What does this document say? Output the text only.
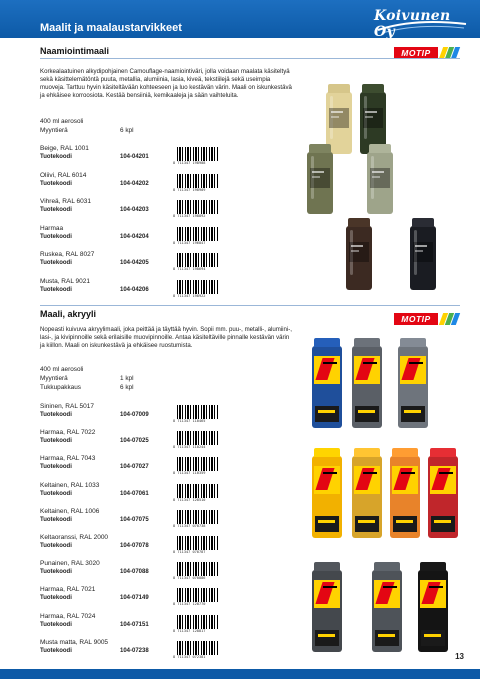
Maalit ja maalaustarvikkeet
Koivunen Oy
Naamiointimaali	MOTIP
Korkealaatuinen alkydipohjainen Camouflage-naamiointiväri, jolla voidaan maalata käsiteltyä sekä käsittelemätöntä puuta, metallia, alumiinia, lasia, kiveä, tekstiilejä sekä useimpia muoveja. Tarttuu hyvin käsiteltävään kohteeseen ja luo kestävän värin. Maali on iskunkestävä ja ehkäisee korroosiota. Kestää bensiiniä, kemikaaleja ja sään vaihteluita.
400 ml aerosoli
Myyntierä	6 kpl
Beige, RAL 1001
Tuotekoodi	104-04201
8 711347 198908
Oliivi, RAL 6014
Tuotekoodi	104-04202
8 711347 198909
Vihreä, RAL 6031
Tuotekoodi	104-04203
8 711347 198892
Harmaa
Tuotekoodi	104-04204
8 711347 196847
Ruskea, RAL 8027
Tuotekoodi	104-04205
8 711347 198694
Musta, RAL 9021
Tuotekoodi	104-04206
8 711347 198922
Maali, akryyli	MOTIP
Nopeasti kuivuva akryylimaali, joka peittää ja täyttää hyvin. Sopii mm. puu-, metalli-, alumiini-, lasi-, ja kivipinnoille sekä erilaisille muovipinnoille. Antaa käsiteltäville pinnalle kestävän värin ja kiillon. Maali on iskunkestävä ja ehkäisee ruostumista.
400 ml aerosoli
Myyntierä	1 kpl
Tukkupakkaus	6 kpl
Sininen, RAL 5017
Tuotekoodi	104-07009
8 711347 110465
Harmaa, RAL 7022
Tuotekoodi	104-07025
8 711347 110244
Harmaa, RAL 7043
Tuotekoodi	104-07027
8 711347 110359
Keltainen, RAL 1033
Tuotekoodi	104-07061
8 711347 128510
Keltainen, RAL 1006
Tuotekoodi	104-07075
8 711347 070738
Keltaoranssi, RAL 2000
Tuotekoodi	104-07078
8 711347 070787
Punainen, RAL 3020
Tuotekoodi	104-07088
8 711347 070886
Harmaa, RAL 7021
Tuotekoodi	104-07149
8 711347 128770
Harmaa, RAL 7024
Tuotekoodi	104-07151
8 711347 128817
Musta matta, RAL 9005
Tuotekoodi	104-07238
8 711347 072381	13
